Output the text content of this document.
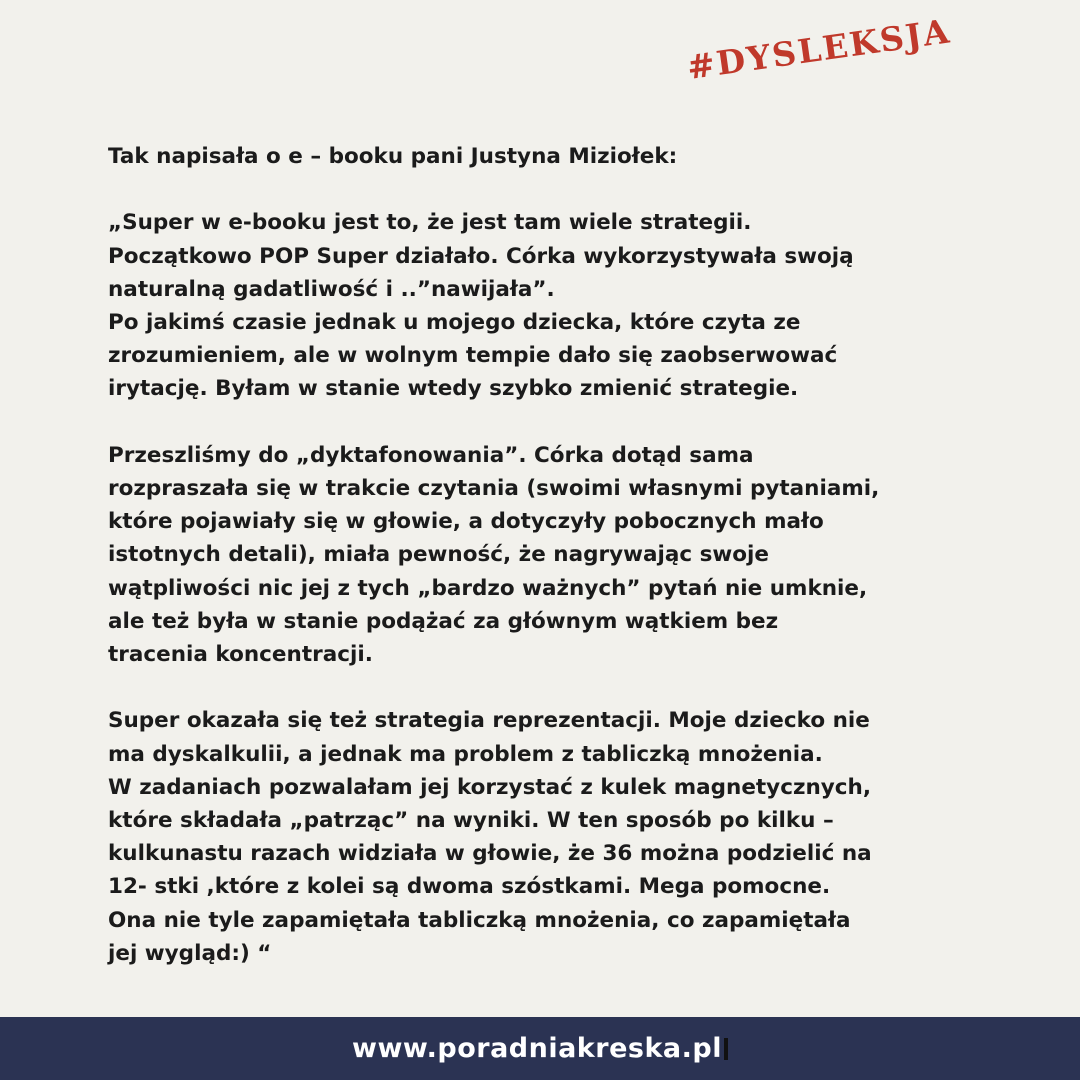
#DYSLEKSJA
Tak napisała o e – booku pani Justyna Miziołek:
„Super w e-booku jest to, że jest tam wiele strategii.
Początkowo POP Super działało. Córka wykorzystywała swoją
naturalną gadatliwość i ..”nawijała”.
Po jakimś czasie jednak u mojego dziecka, które czyta ze
zrozumieniem, ale w wolnym tempie dało się zaobserwować
irytację. Byłam w stanie wtedy szybko zmienić strategie.
Przeszliśmy do „dyktafonowania”. Córka dotąd sama
rozpraszała się w trakcie czytania (swoimi własnymi pytaniami,
które pojawiały się w głowie, a dotyczyły pobocznych mało
istotnych detali), miała pewność, że nagrywając swoje
wątpliwości nic jej z tych „bardzo ważnych” pytań nie umknie,
ale też była w stanie podążać za głównym wątkiem bez
tracenia koncentracji.
Super okazała się też strategia reprezentacji. Moje dziecko nie
ma dyskalkulii, a jednak ma problem z tabliczką mnożenia.
W zadaniach pozwalałam jej korzystać z kulek magnetycznych,
które składała „patrząc” na wyniki. W ten sposób po kilku –
kulkunastu razach widziała w głowie, że 36 można podzielić na
12- stki ,które z kolei są dwoma szóstkami. Mega pomocne.
Ona nie tyle zapamiętała tabliczką mnożenia, co zapamiętała
jej wygląd:) “
www.poradniakreska.pl
